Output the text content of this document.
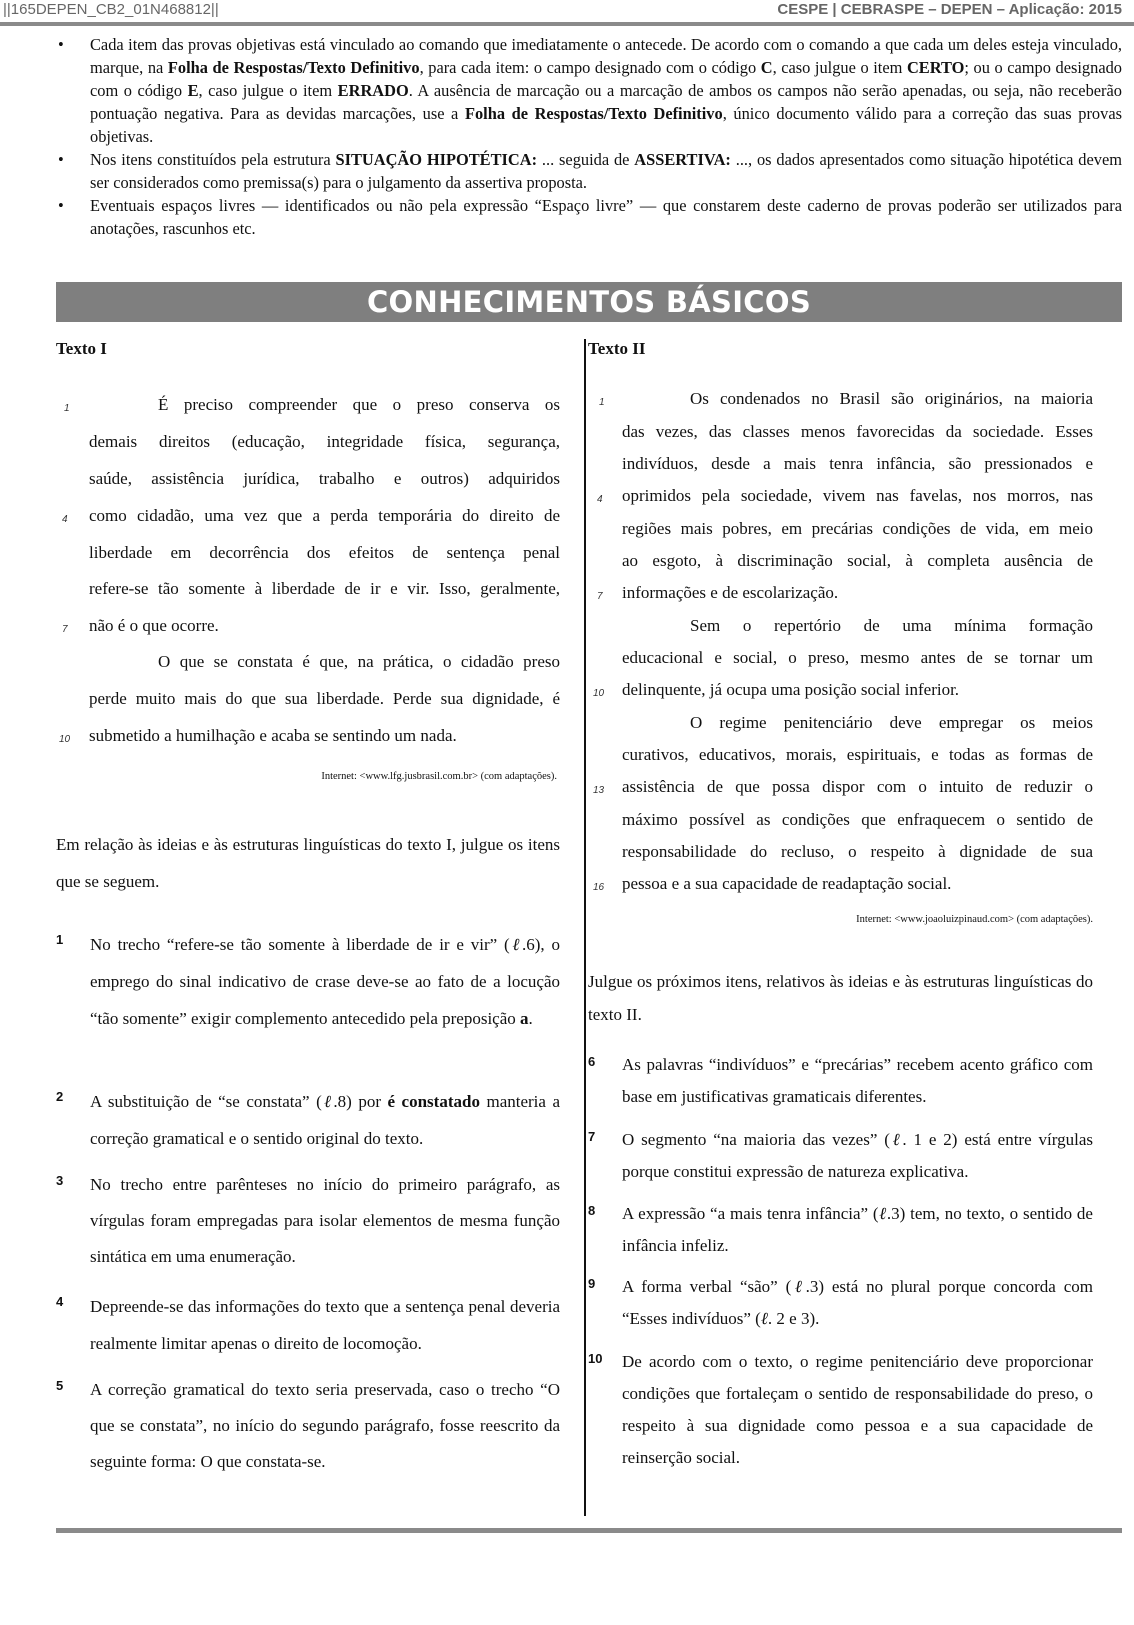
||165DEPEN_CB2_01N468812||	CESPE | CEBRASPE – DEPEN – Aplicação: 2015
• Cada item das provas objetivas está vinculado ao comando que imediatamente o antecede. De acordo com o comando a que cada um deles esteja vinculado, marque, na Folha de Respostas/Texto Definitivo, para cada item: o campo designado com o código C, caso julgue o item CERTO; ou o campo designado com o código E, caso julgue o item ERRADO. A ausência de marcação ou a marcação de ambos os campos não serão apenadas, ou seja, não receberão pontuação negativa. Para as devidas marcações, use a Folha de Respostas/Texto Definitivo, único documento válido para a correção das suas provas objetivas.
• Nos itens constituídos pela estrutura SITUAÇÃO HIPOTÉTICA: ... seguida de ASSERTIVA: ..., os dados apresentados como situação hipotética devem ser considerados como premissa(s) para o julgamento da assertiva proposta.
• Eventuais espaços livres — identificados ou não pela expressão “Espaço livre” — que constarem deste caderno de provas poderão ser utilizados para anotações, rascunhos etc.
CONHECIMENTOS BÁSICOS
Texto I
É preciso compreender que o preso conserva os
demais direitos (educação, integridade física, segurança,
saúde, assistência jurídica, trabalho e outros) adquiridos
como cidadão, uma vez que a perda temporária do direito de
liberdade em decorrência dos efeitos de sentença penal
refere-se tão somente à liberdade de ir e vir. Isso, geralmente,
não é o que ocorre.
O que se constata é que, na prática, o cidadão preso
perde muito mais do que sua liberdade. Perde sua dignidade, é
submetido a humilhação e acaba se sentindo um nada.
1
4
7
10
Internet: <www.lfg.jusbrasil.com.br> (com adaptações).

Em relação às ideias e às estruturas linguísticas do texto I, julgue os itens que se seguem.

1 No trecho “refere-se tão somente à liberdade de ir e vir” (ℓ.6), o emprego do sinal indicativo de crase deve-se ao fato de a locução “tão somente” exigir complemento antecedido pela preposição a.

2 A substituição de “se constata” (ℓ.8) por é constatado manteria a correção gramatical e o sentido original do texto.

3 No trecho entre parênteses no início do primeiro parágrafo, as vírgulas foram empregadas para isolar elementos de mesma função sintática em uma enumeração.

4 Depreende-se das informações do texto que a sentença penal deveria realmente limitar apenas o direito de locomoção.

5 A correção gramatical do texto seria preservada, caso o trecho “O que se constata”, no início do segundo parágrafo, fosse reescrito da seguinte forma: O que constata-se.

Texto II
Os condenados no Brasil são originários, na maioria
das vezes, das classes menos favorecidas da sociedade. Esses
indivíduos, desde a mais tenra infância, são pressionados e
oprimidos pela sociedade, vivem nas favelas, nos morros, nas
regiões mais pobres, em precárias condições de vida, em meio
ao esgoto, à discriminação social, à completa ausência de
informações e de escolarização.
Sem o repertório de uma mínima formação
educacional e social, o preso, mesmo antes de se tornar um
delinquente, já ocupa uma posição social inferior.
O regime penitenciário deve empregar os meios
curativos, educativos, morais, espirituais, e todas as formas de
assistência de que possa dispor com o intuito de reduzir o
máximo possível as condições que enfraquecem o sentido de
responsabilidade do recluso, o respeito à dignidade de sua
pessoa e a sua capacidade de readaptação social.
1
4
7
10
13
16
Internet: <www.joaoluizpinaud.com> (com adaptações).

Julgue os próximos itens, relativos às ideias e às estruturas linguísticas do texto II.

6 As palavras “indivíduos” e “precárias” recebem acento gráfico com base em justificativas gramaticais diferentes.

7 O segmento “na maioria das vezes” (ℓ. 1 e 2) está entre vírgulas porque constitui expressão de natureza explicativa.

8 A expressão “a mais tenra infância” (ℓ.3) tem, no texto, o sentido de infância infeliz.

9 A forma verbal “são” (ℓ.3) está no plural porque concorda com “Esses indivíduos” (ℓ. 2 e 3).

10 De acordo com o texto, o regime penitenciário deve proporcionar condições que fortaleçam o sentido de responsabilidade do preso, o respeito à sua dignidade como pessoa e a sua capacidade de reinserção social.
